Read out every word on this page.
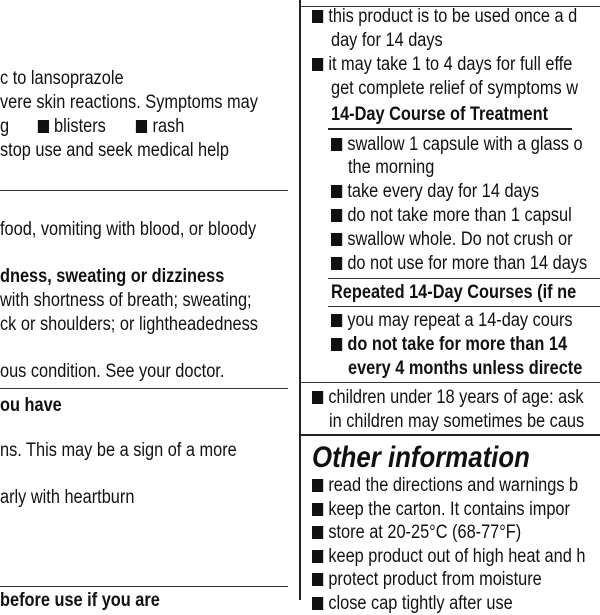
c to lansoprazole
vere skin reactions. Symptoms may
g blisters rash
stop use and seek medical help
food, vomiting with blood, or bloody
dness, sweating or dizziness
with shortness of breath; sweating;
ck or shoulders; or lightheadedness
ous condition. See your doctor.
ou have
ns. This may be a sign of a more
arly with heartburn
before use if you are
this product is to be used once a d
day for 14 days
it may take 1 to 4 days for full effe
get complete relief of symptoms w
14-Day Course of Treatment
swallow 1 capsule with a glass o
the morning
take every day for 14 days
do not take more than 1 capsul
swallow whole. Do not crush or
do not use for more than 14 days
Repeated 14-Day Courses (if ne
you may repeat a 14-day cours
do not take for more than 14
every 4 months unless directe
children under 18 years of age: ask
in children may sometimes be caus
Other information
read the directions and warnings b
keep the carton. It contains impor
store at 20-25°C (68-77°F)
keep product out of high heat and h
protect product from moisture
close cap tightly after use
